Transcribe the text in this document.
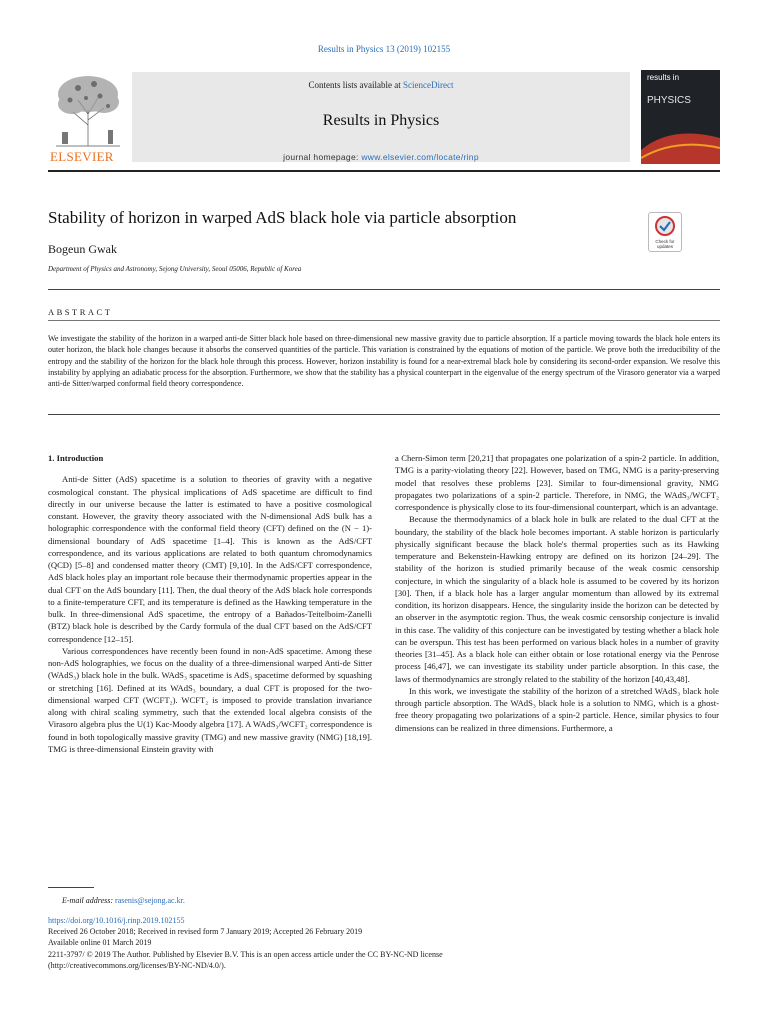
Results in Physics 13 (2019) 102155
ELSEVIER
Contents lists available at ScienceDirect
Results in Physics
journal homepage: www.elsevier.com/locate/rinp
results in
PHYSICS
Stability of horizon in warped AdS black hole via particle absorption
Check for updates
Bogeun Gwak
Department of Physics and Astronomy, Sejong University, Seoul 05006, Republic of Korea
ABSTRACT
We investigate the stability of the horizon in a warped anti-de Sitter black hole based on three-dimensional new massive gravity due to particle absorption. If a particle moving towards the black hole enters its outer horizon, the black hole changes because it absorbs the conserved quantities of the particle. This variation is constrained by the equations of motion of the particle. We prove both the irreducibility of the entropy and the stability of the horizon for the black hole through this process. However, horizon instability is found for a near-extremal black hole by considering its second-order expansion. We resolve this instability by applying an adiabatic process for the absorption. Furthermore, we show that the stability has a physical counterpart in the eigenvalue of the energy spectrum of the Virasoro generator via a warped anti-de Sitter/warped conformal field theory correspondence.
1. Introduction

Anti-de Sitter (AdS) spacetime is a solution to theories of gravity with a negative cosmological constant. The physical implications of AdS spacetime are difficult to find directly in our universe because the latter is estimated to have a positive cosmological constant. However, the gravity theory associated with the N-dimensional AdS bulk has a holographic correspondence with the conformal field theory (CFT) defined on the (N − 1)-dimensional boundary of AdS spacetime [1–4]. This is known as the AdS/CFT correspondence, and its various applications are related to both quantum chromodynamics (QCD) [5–8] and condensed matter theory (CMT) [9,10]. In the AdS/CFT correspondence, AdS black holes play an important role because their thermodynamic properties appear in the dual CFT on the AdS boundary [11]. Then, the dual theory of the AdS black hole corresponds to a finite-temperature CFT, and its temperature is defined as the Hawking temperature in the bulk. In three-dimensional AdS spacetime, the entropy of a Bañados-Teitelboim-Zanelli (BTZ) black hole is described by the Cardy formula of the dual CFT based on the AdS/CFT correspondence [12–15].

Various correspondences have recently been found in non-AdS spacetime. Among these non-AdS holographies, we focus on the duality of a three-dimensional warped Anti-de Sitter (WAdS₃) black hole in the bulk. WAdS₃ spacetime is AdS₃ spacetime deformed by squashing or stretching [16]. Defined at its WAdS₃ boundary, a dual CFT is proposed for the two-dimensional warped CFT (WCFT₂). WCFT₂ is imposed to provide translation invariance along with chiral scaling symmetry, such that the extended local algebra consists of the Virasoro algebra plus the U(1) Kac-Moody algebra [17]. A WAdS₃/WCFT₂ correspondence is found in both topologically massive gravity (TMG) and new massive gravity (NMG) [18,19]. TMG is three-dimensional Einstein gravity with

a Chern-Simon term [20,21] that propagates one polarization of a spin-2 particle. In addition, TMG is a parity-violating theory [22]. However, based on TMG, NMG is a parity-preserving model that resolves these problems [23]. Similar to four-dimensional gravity, NMG propagates two polarizations of a spin-2 particle. Therefore, in NMG, the WAdS₃/WCFT₂ correspondence is physically close to its four-dimensional counterpart, which is an advantage.

Because the thermodynamics of a black hole in bulk are related to the dual CFT at the boundary, the stability of the black hole becomes important. A stable horizon is particularly physically significant because the black hole's thermal properties such as its Hawking temperature and Bekenstein-Hawking entropy are defined on its horizon [24–29]. The stability of the horizon is studied primarily because of the weak cosmic censorship conjecture, in which the singularity of a black hole is assumed to be covered by its horizon [30]. Then, if a black hole has a larger angular momentum than allowed by its extremal condition, its horizon disappears. Hence, the singularity inside the horizon can be detected by an observer in the asymptotic region. Thus, the weak cosmic censorship conjecture is invalid in this case. The validity of this conjecture can be investigated by testing whether a black hole can be overspun. This test has been performed on various black holes in a number of gravity theories [31–45]. As a black hole can either obtain or lose rotational energy via the Penrose process [46,47], we can investigate its stability under particle absorption. In this case, the laws of thermodynamics are strongly related to the stability of the horizon [40,43,48].

In this work, we investigate the stability of the horizon of a stretched WAdS₃ black hole through particle absorption. The WAdS₃ black hole is a solution to NMG, which is a ghost-free theory propagating two polarizations of a spin-2 particle. Hence, similar physics to four dimensions can be realized in three dimensions. Furthermore, a

E-mail address: rasenis@sejong.ac.kr.
https://doi.org/10.1016/j.rinp.2019.102155
Received 26 October 2018; Received in revised form 7 January 2019; Accepted 26 February 2019
Available online 01 March 2019
2211-3797/ © 2019 The Author. Published by Elsevier B.V. This is an open access article under the CC BY-NC-ND license
(http://creativecommons.org/licenses/BY-NC-ND/4.0/).
